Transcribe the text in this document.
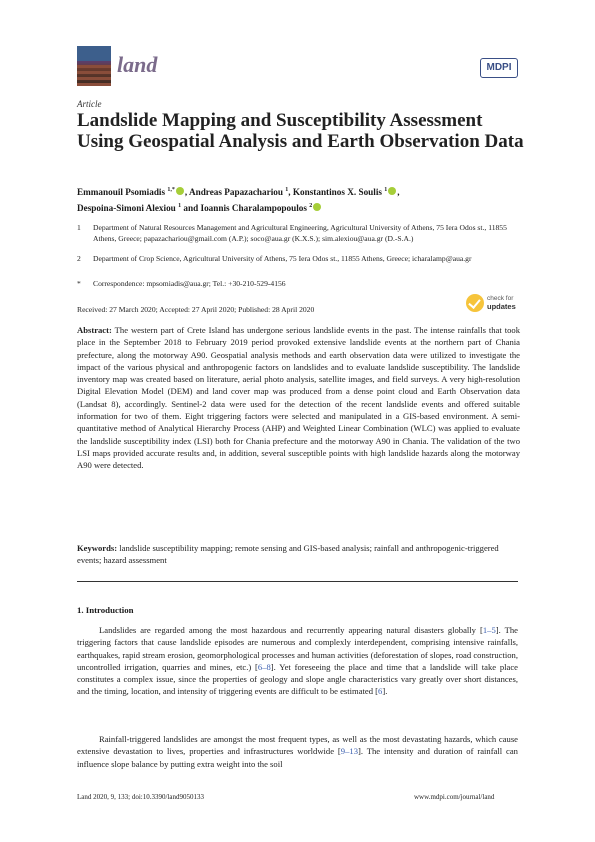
land	MDPI
Article
Landslide Mapping and Susceptibility Assessment Using Geospatial Analysis and Earth Observation Data
Emmanouil Psomiadis $^{1,*}$ , Andreas Papazachariou $^1$, Konstantinos X. Soulis $^1$ ,
Despoina-Simoni Alexiou $^1$ and Ioannis Charalampopoulos $^2$
1 Department of Natural Resources Management and Agricultural Engineering, Agricultural University of Athens, 75 Iera Odos st., 11855 Athens, Greece; papazachariou@gmail.com (A.P.); soco@aua.gr (K.X.S.); sim.alexiou@aua.gr (D.-S.A.)
2 Department of Crop Science, Agricultural University of Athens, 75 Iera Odos st., 11855 Athens, Greece; icharalamp@aua.gr
* Correspondence: mpsomiadis@aua.gr; Tel.: +30-210-529-4156
Received: 27 March 2020; Accepted: 27 April 2020; Published: 28 April 2020
check for
updates
Abstract: The western part of Crete Island has undergone serious landslide events in the past. The intense rainfalls that took place in the September 2018 to February 2019 period provoked extensive landslide events at the northern part of Chania prefecture, along the motorway A90. Geospatial analysis methods and earth observation data were utilized to investigate the impact of the various physical and anthropogenic factors on landslides and to evaluate landslide susceptibility. The landslide inventory map was created based on literature, aerial photo analysis, satellite images, and field surveys. A very high-resolution Digital Elevation Model (DEM) and land cover map was produced from a dense point cloud and Earth Observation data (Landsat 8), accordingly. Sentinel-2 data were used for the detection of the recent landslide events and offered suitable information for two of them. Eight triggering factors were selected and manipulated in a GIS-based environment. A semi-quantitative method of Analytical Hierarchy Process (AHP) and Weighted Linear Combination (WLC) was applied to evaluate the landslide susceptibility index (LSI) both for Chania prefecture and the motorway A90 in Chania. The validation of the two LSI maps provided accurate results and, in addition, several susceptible points with high landslide hazards along the motorway A90 were detected.
Keywords: landslide susceptibility mapping; remote sensing and GIS-based analysis; rainfall and anthropogenic-triggered events; hazard assessment
1. Introduction
Landslides are regarded among the most hazardous and recurrently appearing natural disasters globally [1–5]. The triggering factors that cause landslide episodes are numerous and complexly interdependent, comprising intensive rainfalls, earthquakes, rapid stream erosion, geomorphological processes and human activities (deforestation of slopes, road construction, uncontrolled irrigation, quarries and mines, etc.) [6–8]. Yet foreseeing the place and time that a landslide will take place constitutes a complex issue, since the properties of geology and slope angle characteristics vary greatly over short distances, and the timing, location, and intensity of triggering events are difficult to be estimated [6].
Rainfall-triggered landslides are amongst the most frequent types, as well as the most devastating hazards, which cause extensive devastation to lives, properties and infrastructures worldwide [9–13]. The intensity and duration of rainfall can influence slope balance by putting extra weight into the soil
Land 2020, 9, 133; doi:10.3390/land9050133	www.mdpi.com/journal/land
